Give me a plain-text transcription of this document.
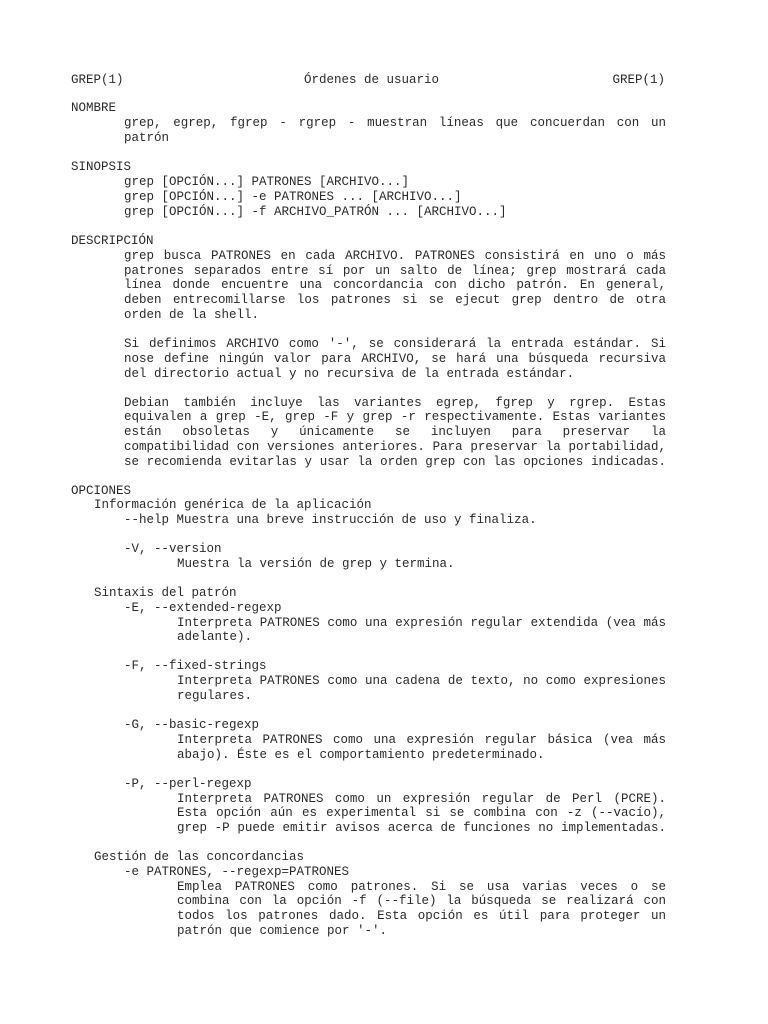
GREP(1)	Órdenes de usuario	GREP(1)
NOMBRE
grep, egrep, fgrep - rgrep - muestran líneas que concuerdan con un
patrón
SINOPSIS
grep [OPCIÓN...] PATRONES [ARCHIVO...]
grep [OPCIÓN...] -e PATRONES ... [ARCHIVO...]
grep [OPCIÓN...] -f ARCHIVO_PATRÓN ... [ARCHIVO...]
DESCRIPCIÓN
grep busca PATRONES en cada ARCHIVO. PATRONES consistirá en uno o más
patrones separados entre sí por un salto de línea; grep mostrará cada
línea donde encuentre una concordancia con dicho patrón. En general,
deben entrecomillarse los patrones si se ejecut grep dentro de otra
orden de la shell.
Si definimos ARCHIVO como '-', se considerará la entrada estándar. Si
nose define ningún valor para ARCHIVO, se hará una búsqueda recursiva
del directorio actual y no recursiva de la entrada estándar.
Debian también incluye las variantes egrep, fgrep y rgrep. Estas
equivalen a grep -E, grep -F y grep -r respectivamente. Estas variantes
están obsoletas y únicamente se incluyen para preservar la
compatibilidad con versiones anteriores. Para preservar la portabilidad,
se recomienda evitarlas y usar la orden grep con las opciones indicadas.
OPCIONES
Información genérica de la aplicación
--help Muestra una breve instrucción de uso y finaliza.
-V, --version
Muestra la versión de grep y termina.
Sintaxis del patrón
-E, --extended-regexp
Interpreta PATRONES como una expresión regular extendida (vea más
adelante).
-F, --fixed-strings
Interpreta PATRONES como una cadena de texto, no como expresiones
regulares.
-G, --basic-regexp
Interpreta PATRONES como una expresión regular básica (vea más
abajo). Éste es el comportamiento predeterminado.
-P, --perl-regexp
Interpreta PATRONES como un expresión regular de Perl (PCRE).
Esta opción aún es experimental si se combina con -z (--vacío),
grep -P puede emitir avisos acerca de funciones no implementadas.
Gestión de las concordancias
-e PATRONES, --regexp=PATRONES
Emplea PATRONES como patrones. Si se usa varias veces o se
combina con la opción -f (--file) la búsqueda se realizará con
todos los patrones dado. Esta opción es útil para proteger un
patrón que comience por '-'.
